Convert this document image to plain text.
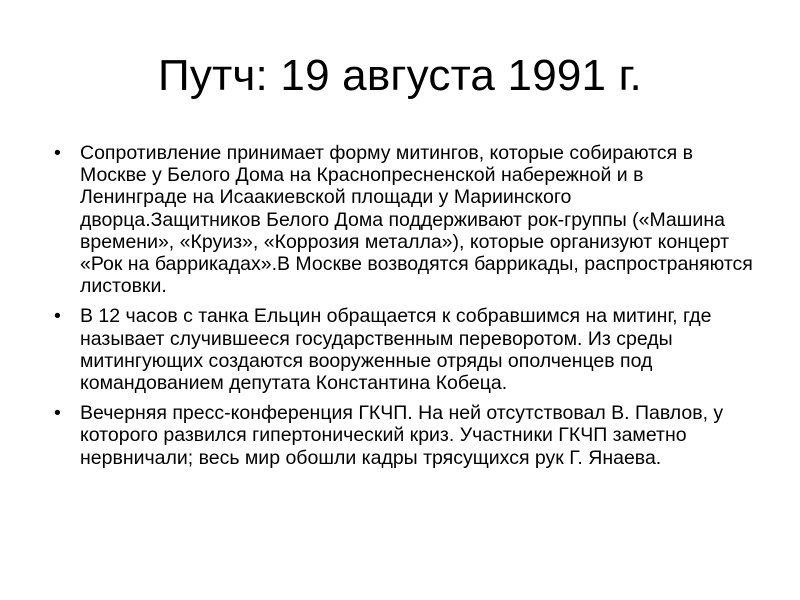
Путч: 19 августа 1991 г.
• Сопротивление принимает форму митингов, которые собираются в Москве у Белого Дома на Краснопресненской набережной и в Ленинграде на Исаакиевской площади у Мариинского дворца.Защитников Белого Дома поддерживают рок-группы («Машина времени», «Круиз», «Коррозия металла»), которые организуют концерт «Рок на баррикадах».В Москве возводятся баррикады, распространяются листовки.
• В 12 часов с танка Ельцин обращается к собравшимся на митинг, где называет случившееся государственным переворотом. Из среды митингующих создаются вооруженные отряды ополченцев под командованием депутата Константина Кобеца.
• Вечерняя пресс-конференция ГКЧП. На ней отсутствовал В. Павлов, у которого развился гипертонический криз. Участники ГКЧП заметно нервничали; весь мир обошли кадры трясущихся рук Г. Янаева.
